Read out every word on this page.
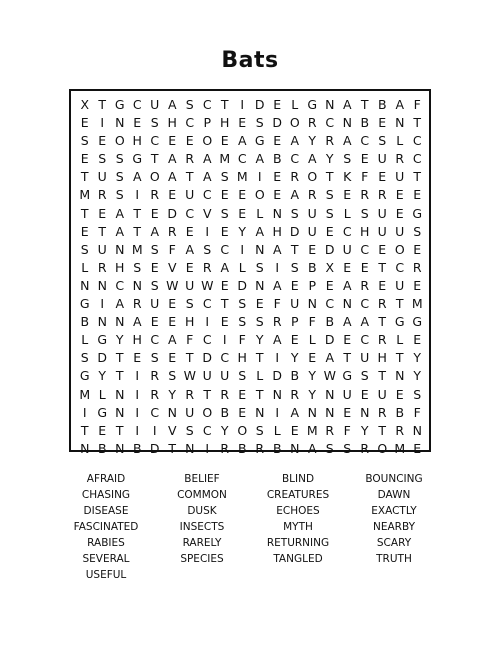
Bats
X T G C U A S C T I D E L G N A T B A F
E I N E S H C P H E S D O R C N B E N T
S E O H C E E O E A G E A Y R A C S L C
E S S G T A R A M C A B C A Y S E U R C
T U S A O A T A S M I E R O T K F E U T
M R S I R E U C E E O E A R S E R R E E
T E A T E D C V S E L N S U S L S U E G
E T A T A R E I E Y A H D U E C H U U S
S U N M S F A S C I N A T E D U C E O E
L R H S E V E R A L S I S B X E E T C R
N N C N S W U W E D N A E P E A R E U E
G I A R U E S C T S E F U N C N C R T M
B N N A E E H I E S S R P F B A A T G G
L G Y H C A F C I F Y A E L D E C R L E
S D T E S E T D C H T I Y E A T U H T Y
G Y T I R S W U U S L D B Y W G S T N Y
M L N I R Y R T R E T N R Y N U E U E S
I G N I C N U O B E N I A N N E N R B F
T E T I	I V S C Y O S L E M R F Y T R N
N B N B D T N I R B R B N A S S R O M E
AFRAID	BELIEF	BLIND	BOUNCING
CHASING	COMMON	CREATURES	DAWN
DISEASE	DUSK	ECHOES	EXACTLY
FASCINATED	INSECTS	MYTH	NEARBY
RABIES	RARELY	RETURNING	SCARY
SEVERAL	SPECIES	TANGLED	TRUTH
USEFUL
